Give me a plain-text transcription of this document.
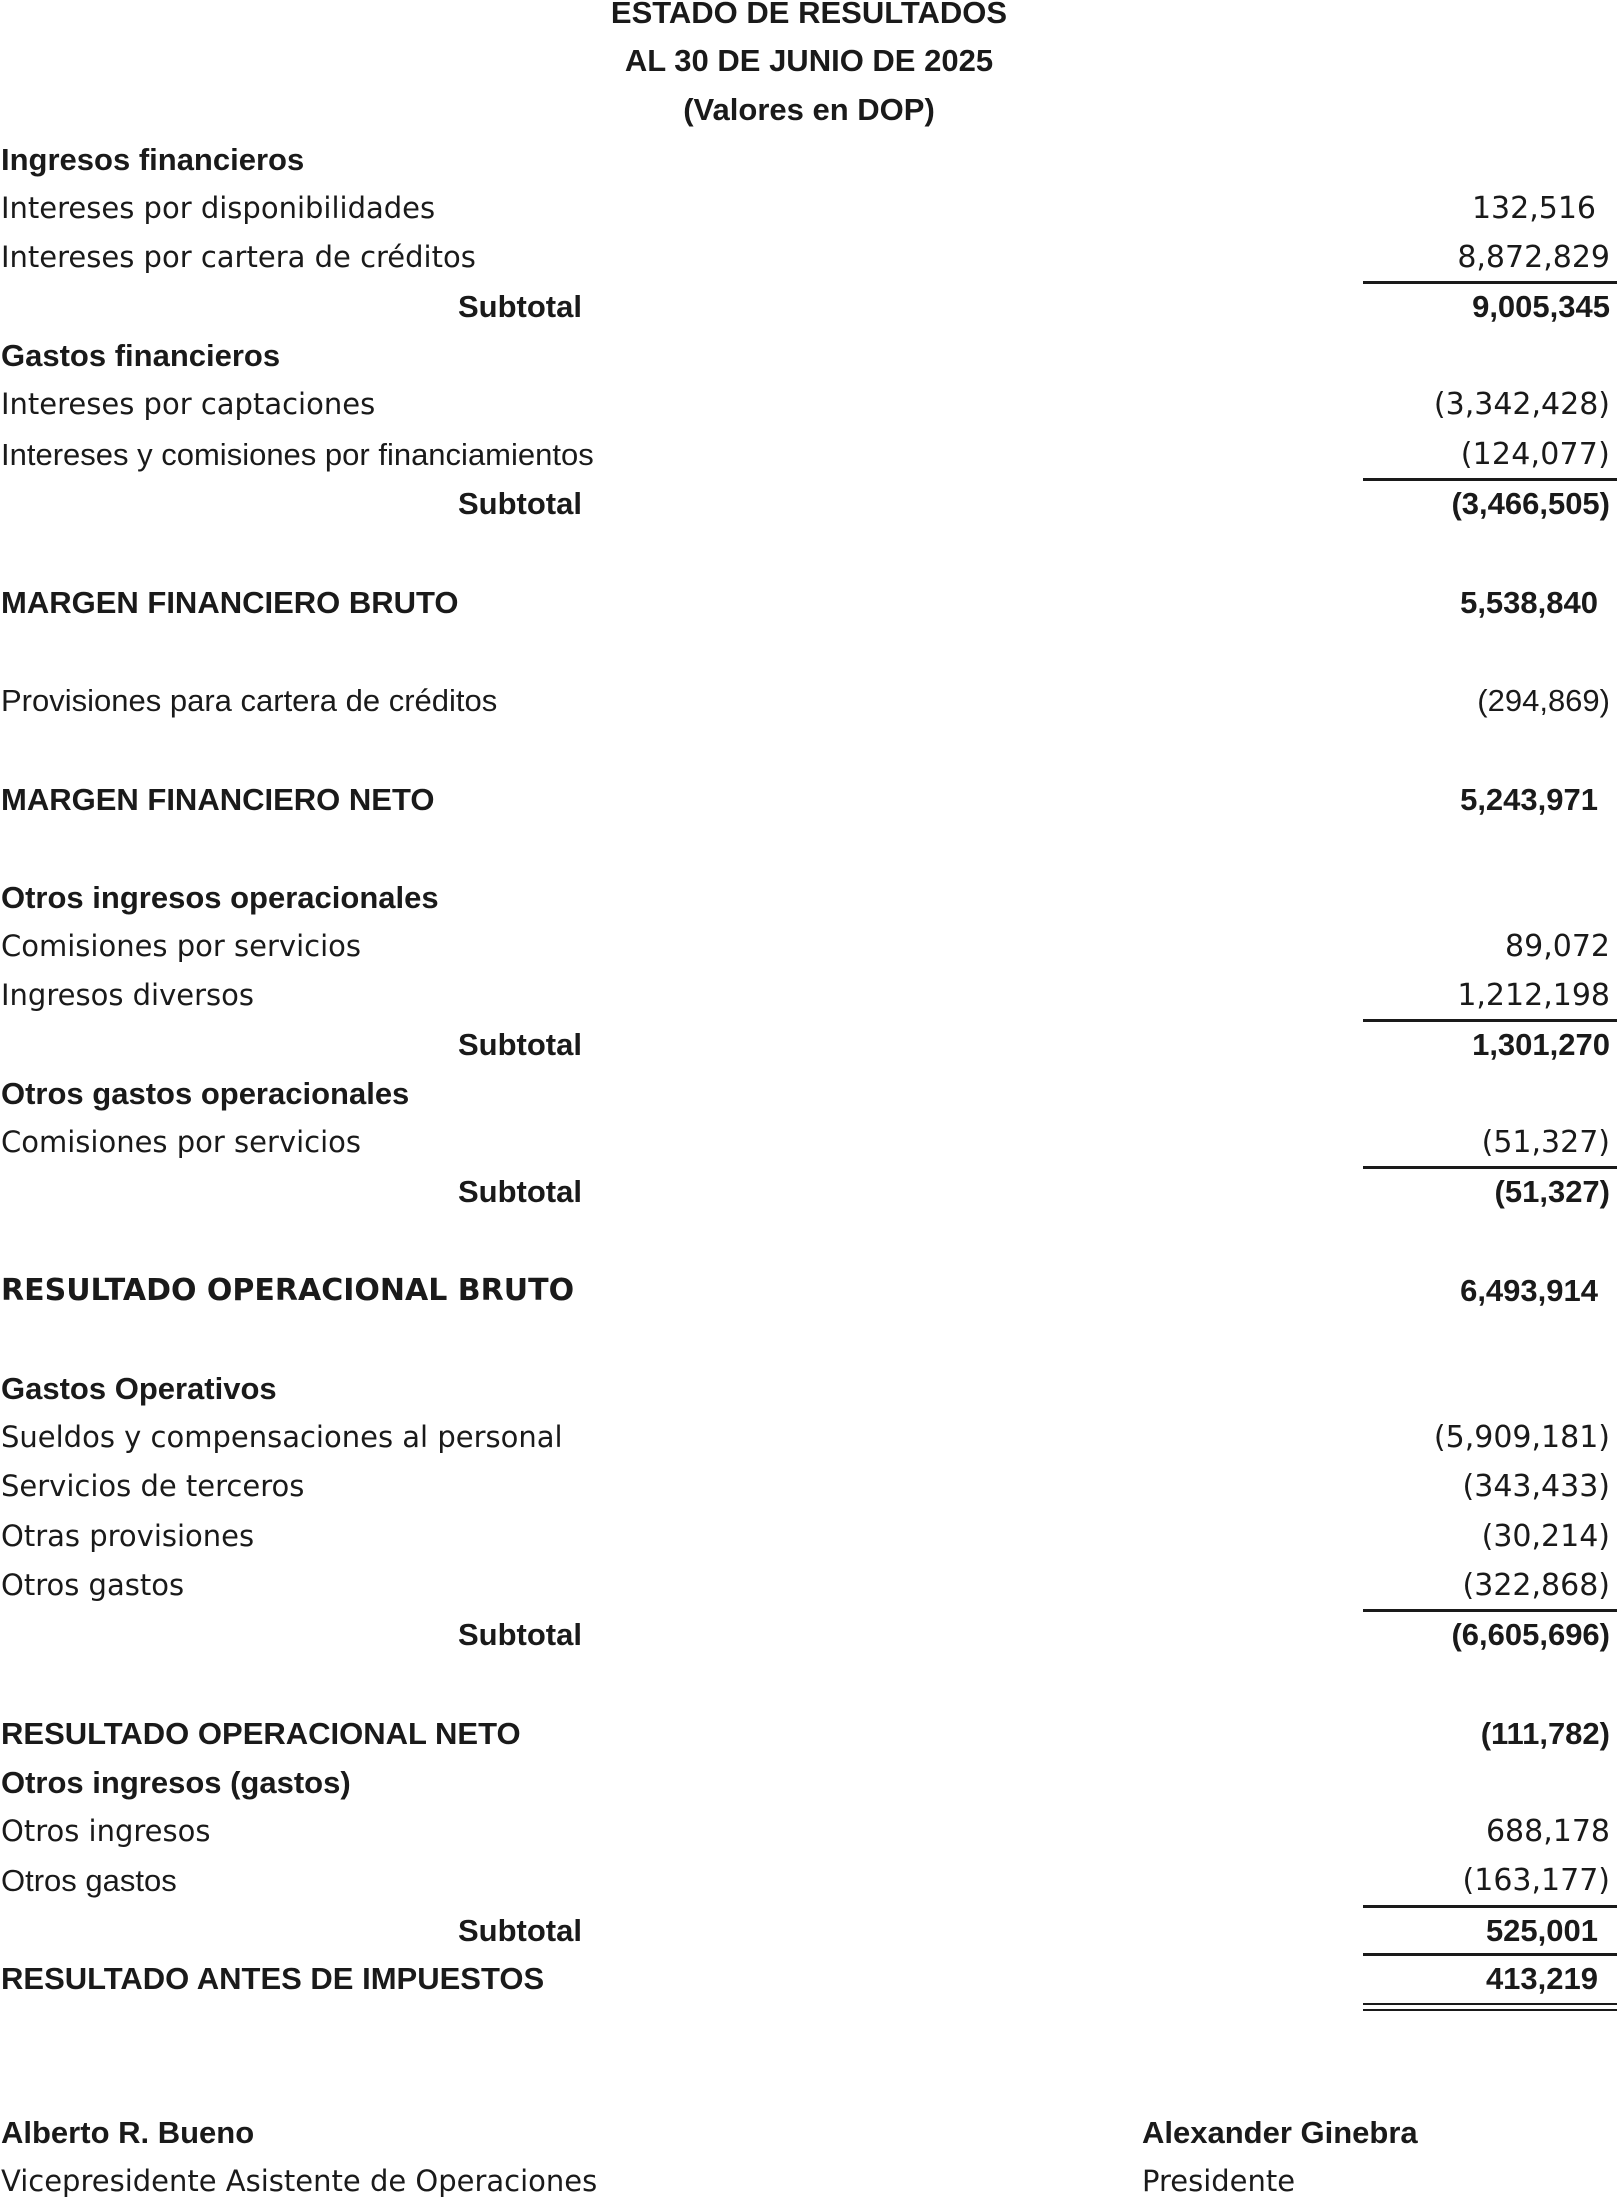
ESTADO DE RESULTADOS
AL 30 DE JUNIO DE 2025
(Valores en DOP)
Ingresos financieros
Intereses por disponibilidades	132,516
Intereses por cartera de créditos	8,872,829
Subtotal	9,005,345
Gastos financieros
Intereses por captaciones	(3,342,428)
Intereses y comisiones por financiamientos	(124,077)
Subtotal	(3,466,505)
MARGEN FINANCIERO BRUTO	5,538,840
Provisiones para cartera de créditos	(294,869)
MARGEN FINANCIERO NETO	5,243,971
Otros ingresos operacionales
Comisiones por servicios	89,072
Ingresos diversos	1,212,198
Subtotal	1,301,270
Otros gastos operacionales
Comisiones por servicios	(51,327)
Subtotal	(51,327)
RESULTADO OPERACIONAL BRUTO	6,493,914
Gastos Operativos
Sueldos y compensaciones al personal	(5,909,181)
Servicios de terceros	(343,433)
Otras provisiones	(30,214)
Otros gastos	(322,868)
Subtotal	(6,605,696)
RESULTADO OPERACIONAL NETO	(111,782)
Otros ingresos (gastos)
Otros ingresos	688,178
Otros gastos	(163,177)
Subtotal	525,001
RESULTADO ANTES DE IMPUESTOS	413,219
Alberto R. Bueno
Vicepresidente Asistente de Operaciones
Alexander Ginebra
Presidente
